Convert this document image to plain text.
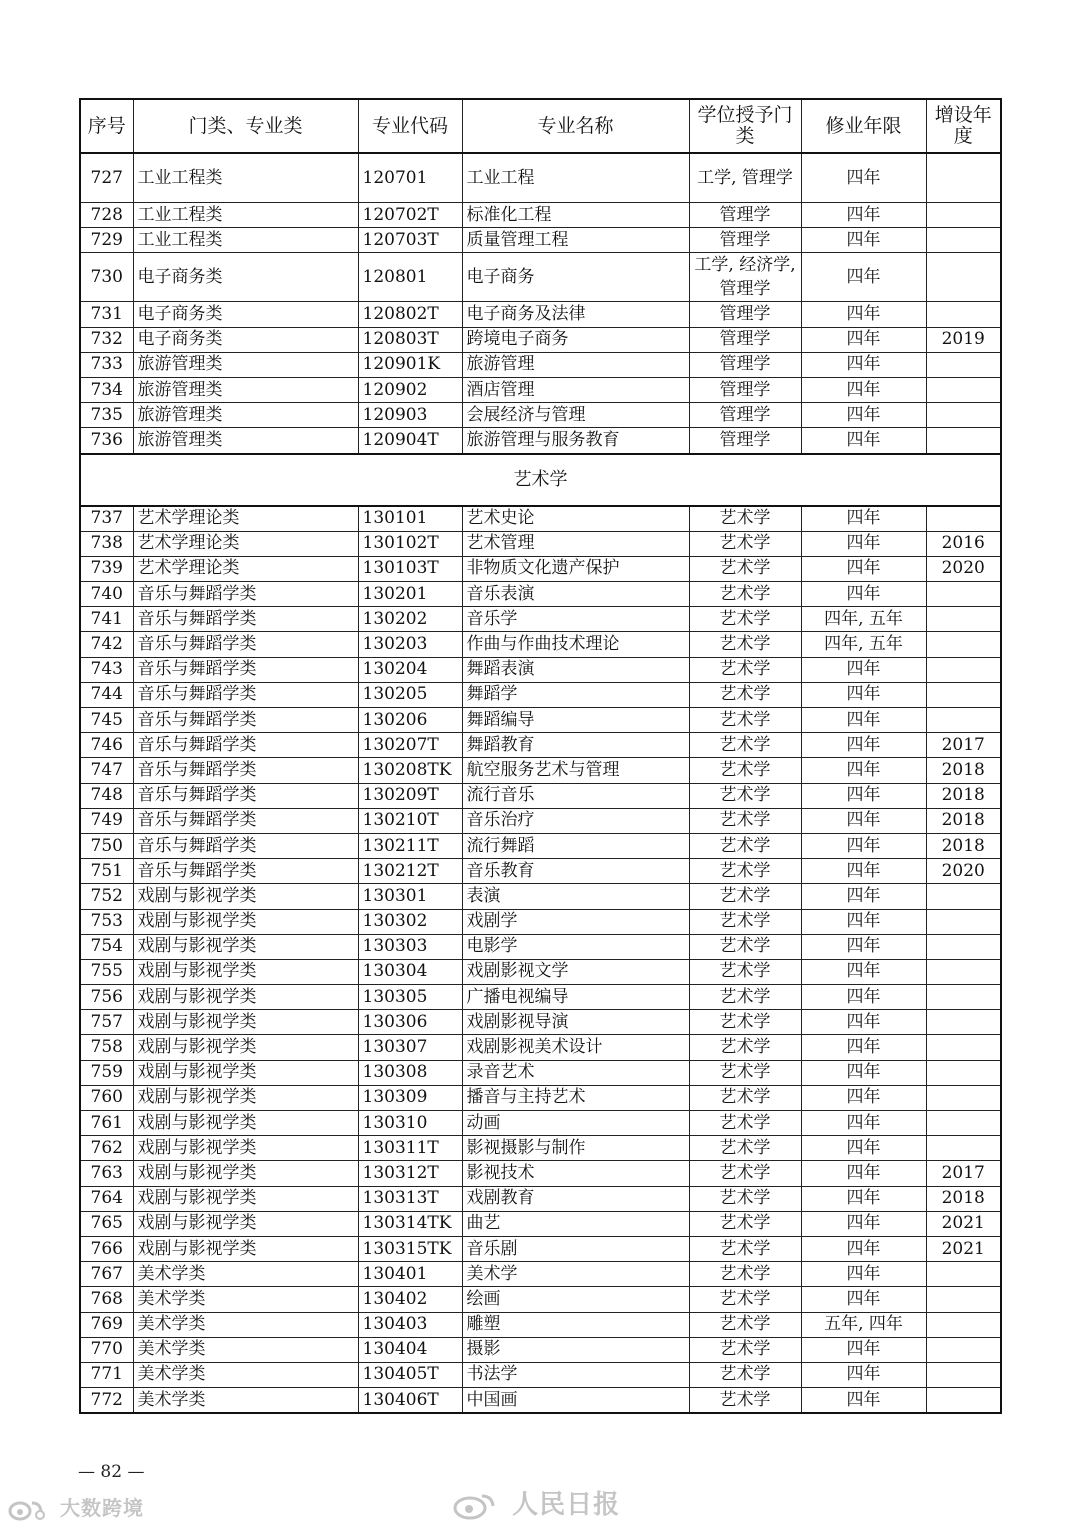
序号	门类、专业类	专业代码	专业名称	学位授予门类	修业年限	增设年度
727	工业工程类	120701	工业工程	工学, 管理学	四年	
728	工业工程类	120702T	标准化工程	管理学	四年	
729	工业工程类	120703T	质量管理工程	管理学	四年	
730	电子商务类	120801	电子商务	工学, 经济学, 管理学	四年	
731	电子商务类	120802T	电子商务及法律	管理学	四年	
732	电子商务类	120803T	跨境电子商务	管理学	四年	2019
733	旅游管理类	120901K	旅游管理	管理学	四年	
734	旅游管理类	120902	酒店管理	管理学	四年	
735	旅游管理类	120903	会展经济与管理	管理学	四年	
736	旅游管理类	120904T	旅游管理与服务教育	管理学	四年	
艺术学						
737	艺术学理论类	130101	艺术史论	艺术学	四年	
738	艺术学理论类	130102T	艺术管理	艺术学	四年	2016
739	艺术学理论类	130103T	非物质文化遗产保护	艺术学	四年	2020
740	音乐与舞蹈学类	130201	音乐表演	艺术学	四年	
741	音乐与舞蹈学类	130202	音乐学	艺术学	四年, 五年	
742	音乐与舞蹈学类	130203	作曲与作曲技术理论	艺术学	四年, 五年	
743	音乐与舞蹈学类	130204	舞蹈表演	艺术学	四年	
744	音乐与舞蹈学类	130205	舞蹈学	艺术学	四年	
745	音乐与舞蹈学类	130206	舞蹈编导	艺术学	四年	
746	音乐与舞蹈学类	130207T	舞蹈教育	艺术学	四年	2017
747	音乐与舞蹈学类	130208TK	航空服务艺术与管理	艺术学	四年	2018
748	音乐与舞蹈学类	130209T	流行音乐	艺术学	四年	2018
749	音乐与舞蹈学类	130210T	音乐治疗	艺术学	四年	2018
750	音乐与舞蹈学类	130211T	流行舞蹈	艺术学	四年	2018
751	音乐与舞蹈学类	130212T	音乐教育	艺术学	四年	2020
752	戏剧与影视学类	130301	表演	艺术学	四年	
753	戏剧与影视学类	130302	戏剧学	艺术学	四年	
754	戏剧与影视学类	130303	电影学	艺术学	四年	
755	戏剧与影视学类	130304	戏剧影视文学	艺术学	四年	
756	戏剧与影视学类	130305	广播电视编导	艺术学	四年	
757	戏剧与影视学类	130306	戏剧影视导演	艺术学	四年	
758	戏剧与影视学类	130307	戏剧影视美术设计	艺术学	四年	
759	戏剧与影视学类	130308	录音艺术	艺术学	四年	
760	戏剧与影视学类	130309	播音与主持艺术	艺术学	四年	
761	戏剧与影视学类	130310	动画	艺术学	四年	
762	戏剧与影视学类	130311T	影视摄影与制作	艺术学	四年	
763	戏剧与影视学类	130312T	影视技术	艺术学	四年	2017
764	戏剧与影视学类	130313T	戏剧教育	艺术学	四年	2018
765	戏剧与影视学类	130314TK	曲艺	艺术学	四年	2021
766	戏剧与影视学类	130315TK	音乐剧	艺术学	四年	2021
767	美术学类	130401	美术学	艺术学	四年	
768	美术学类	130402	绘画	艺术学	四年	
769	美术学类	130403	雕塑	艺术学	五年, 四年	
770	美术学类	130404	摄影	艺术学	四年	
771	美术学类	130405T	书法学	艺术学	四年	
772	美术学类	130406T	中国画	艺术学	四年	
— 82 —
大数跨境	人民日报
